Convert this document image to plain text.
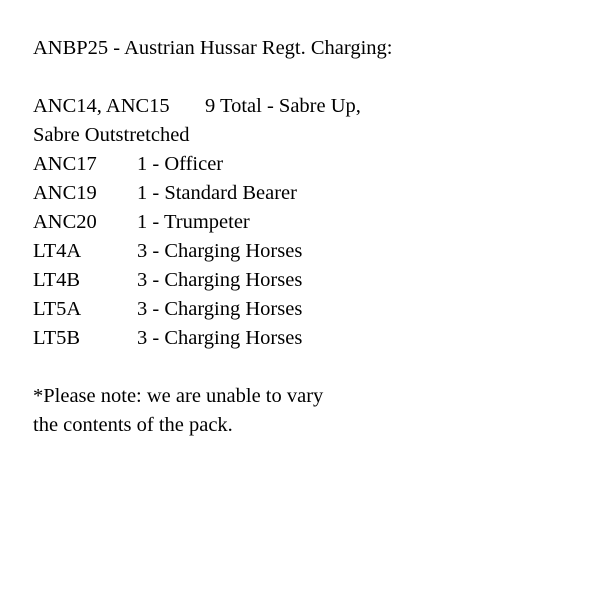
ANBP25 - Austrian Hussar Regt. Charging:
ANC14, ANC15 9 Total - Sabre Up,
Sabre Outstretched
ANC17 1 - Officer
ANC19 1 - Standard Bearer
ANC20 1 - Trumpeter
LT4A	3 - Charging Horses
LT4B	3 - Charging Horses
LT5A	3 - Charging Horses
LT5B	3 - Charging Horses
*Please note: we are unable to vary
the contents of the pack.
